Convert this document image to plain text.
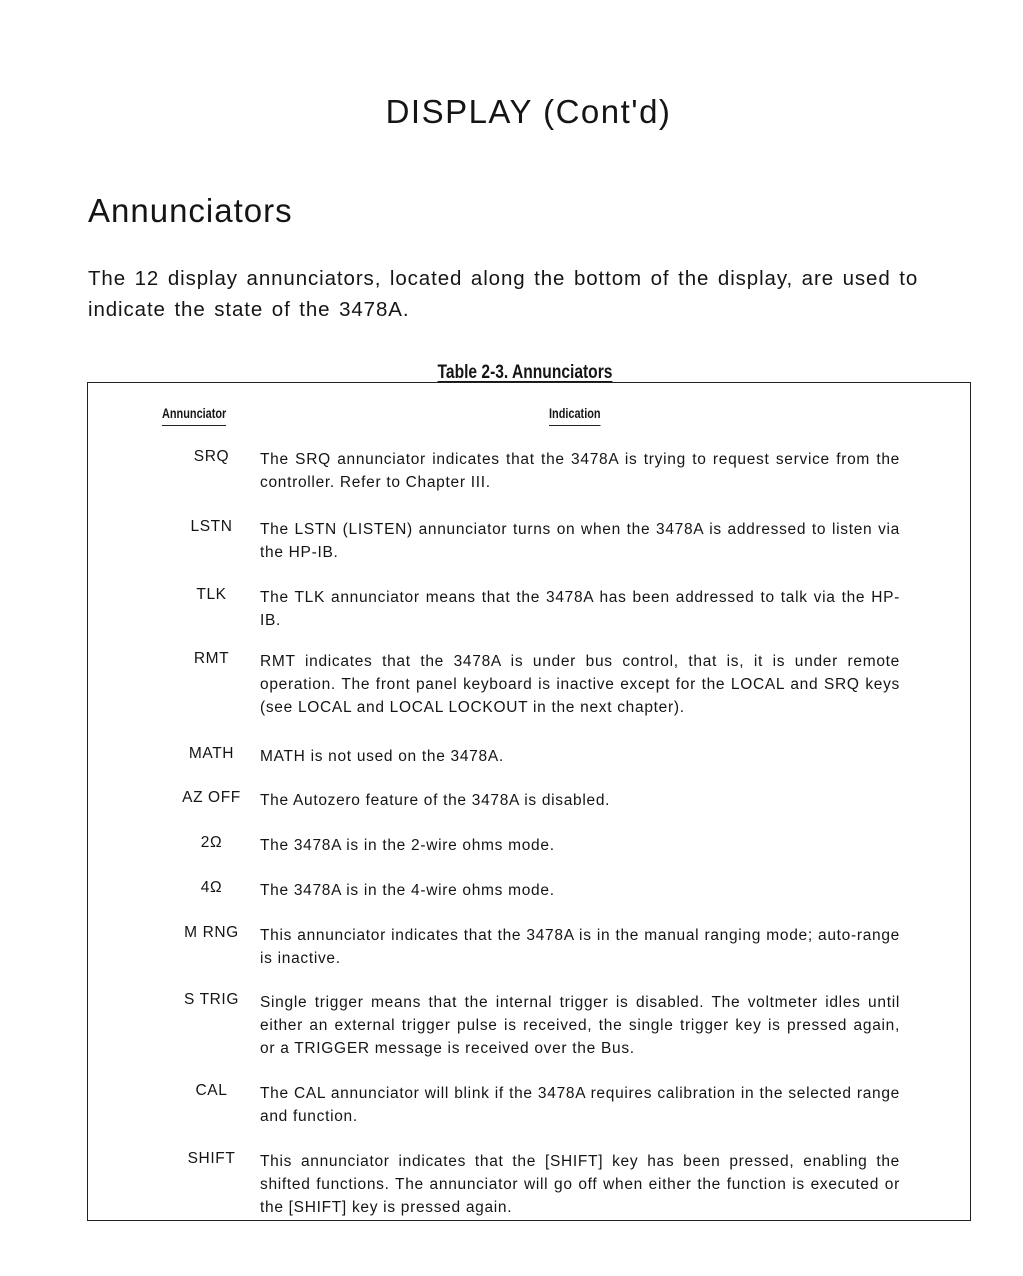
DISPLAY (Cont'd)
Annunciators

The 12 display annunciators, located along the bottom of the display, are used to indicate the state of the 3478A.

Table 2-3. Annunciators
Annunciator	Indication
SRQ	The SRQ annunciator indicates that the 3478A is trying to request service from the controller. Refer to Chapter III.
LSTN	The LSTN (LISTEN) annunciator turns on when the 3478A is addressed to listen via the HP-IB.
TLK	The TLK annunciator means that the 3478A has been addressed to talk via the HP-IB.
RMT	RMT indicates that the 3478A is under bus control, that is, it is under remote operation. The front panel keyboard is inactive except for the LOCAL and SRQ keys (see LOCAL and LOCAL LOCKOUT in the next chapter).
MATH	MATH is not used on the 3478A.
AZ OFF	The Autozero feature of the 3478A is disabled.
2Ω	The 3478A is in the 2-wire ohms mode.
4Ω	The 3478A is in the 4-wire ohms mode.
M RNG	This annunciator indicates that the 3478A is in the manual ranging mode; auto-range is inactive.
S TRIG	Single trigger means that the internal trigger is disabled. The voltmeter idles until either an external trigger pulse is received, the single trigger key is pressed again, or a TRIGGER message is received over the Bus.
CAL	The CAL annunciator will blink if the 3478A requires calibration in the selected range and function.
SHIFT	This annunciator indicates that the [SHIFT] key has been pressed, enabling the shifted functions. The annunciator will go off when either the function is executed or the [SHIFT] key is pressed again.
